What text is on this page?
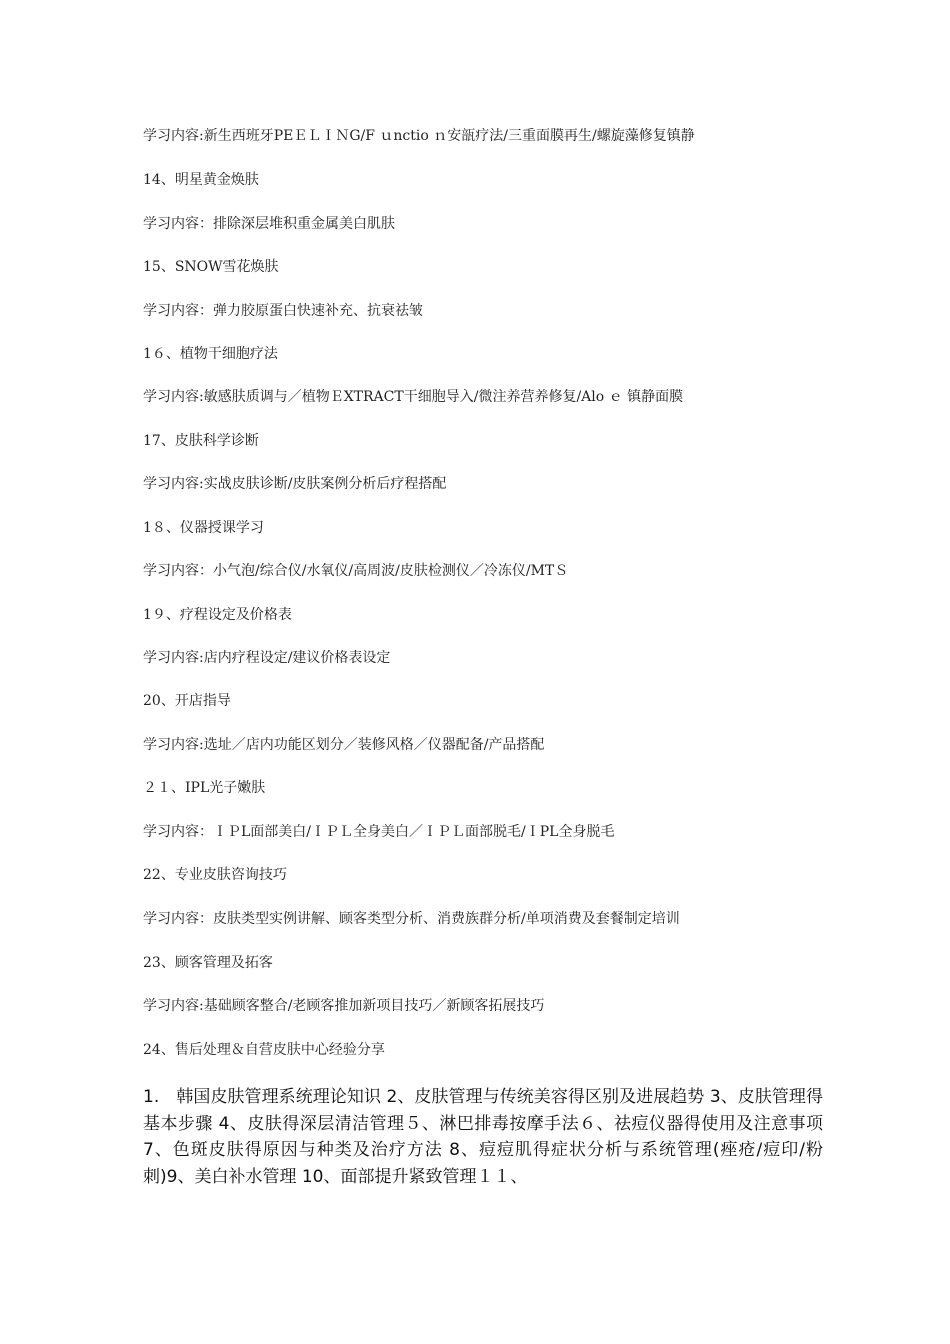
学习内容:新生西班牙PEＥＬＩＮG/F ｕnctio ｎ安瓿疗法/三重面膜再生/螺旋藻修复镇静
14、明星黄金焕肤
学习内容：排除深层堆积重金属美白肌肤
15、SNOW雪花焕肤
学习内容：弹力胶原蛋白快速补充、抗衰祛皱
1６、植物干细胞疗法
学习内容:敏感肤质调与／植物ＥXTRACT干细胞导入/微注养营养修复/Alo ｅ 镇静面膜
17、皮肤科学诊断
学习内容:实战皮肤诊断/皮肤案例分析后疗程搭配
1８、仪器授课学习
学习内容：小气泡/综合仪/水氧仪/高周波/皮肤检测仪／冷冻仪/MTＳ
1９、疗程设定及价格表
学习内容:店内疗程设定/建议价格表设定
20、开店指导
学习内容:选址／店内功能区划分／装修风格／仪器配备/产品搭配
２１、IPL光子嫩肤
学习内容：ＩＰL面部美白/ＩＰＬ全身美白／ＩＰＬ面部脱毛/ＩPL全身脱毛
22、专业皮肤咨询技巧
学习内容：皮肤类型实例讲解、顾客类型分析、消费族群分析/单项消费及套餐制定培训
23、顾客管理及拓客
学习内容:基础顾客整合/老顾客推加新项目技巧／新顾客拓展技巧
24、售后处理＆自营皮肤中心经验分享
1.　韩国皮肤管理系统理论知识 2、皮肤管理与传统美容得区别及进展趋势 3、皮肤管理得基本步骤 4、皮肤得深层清洁管理５、淋巴排毒按摩手法６、祛痘仪器得使用及注意事项 7、色斑皮肤得原因与种类及治疗方法 8、痘痘肌得症状分析与系统管理(痤疮/痘印/粉刺)9、美白补水管理 10、面部提升紧致管理１１、
